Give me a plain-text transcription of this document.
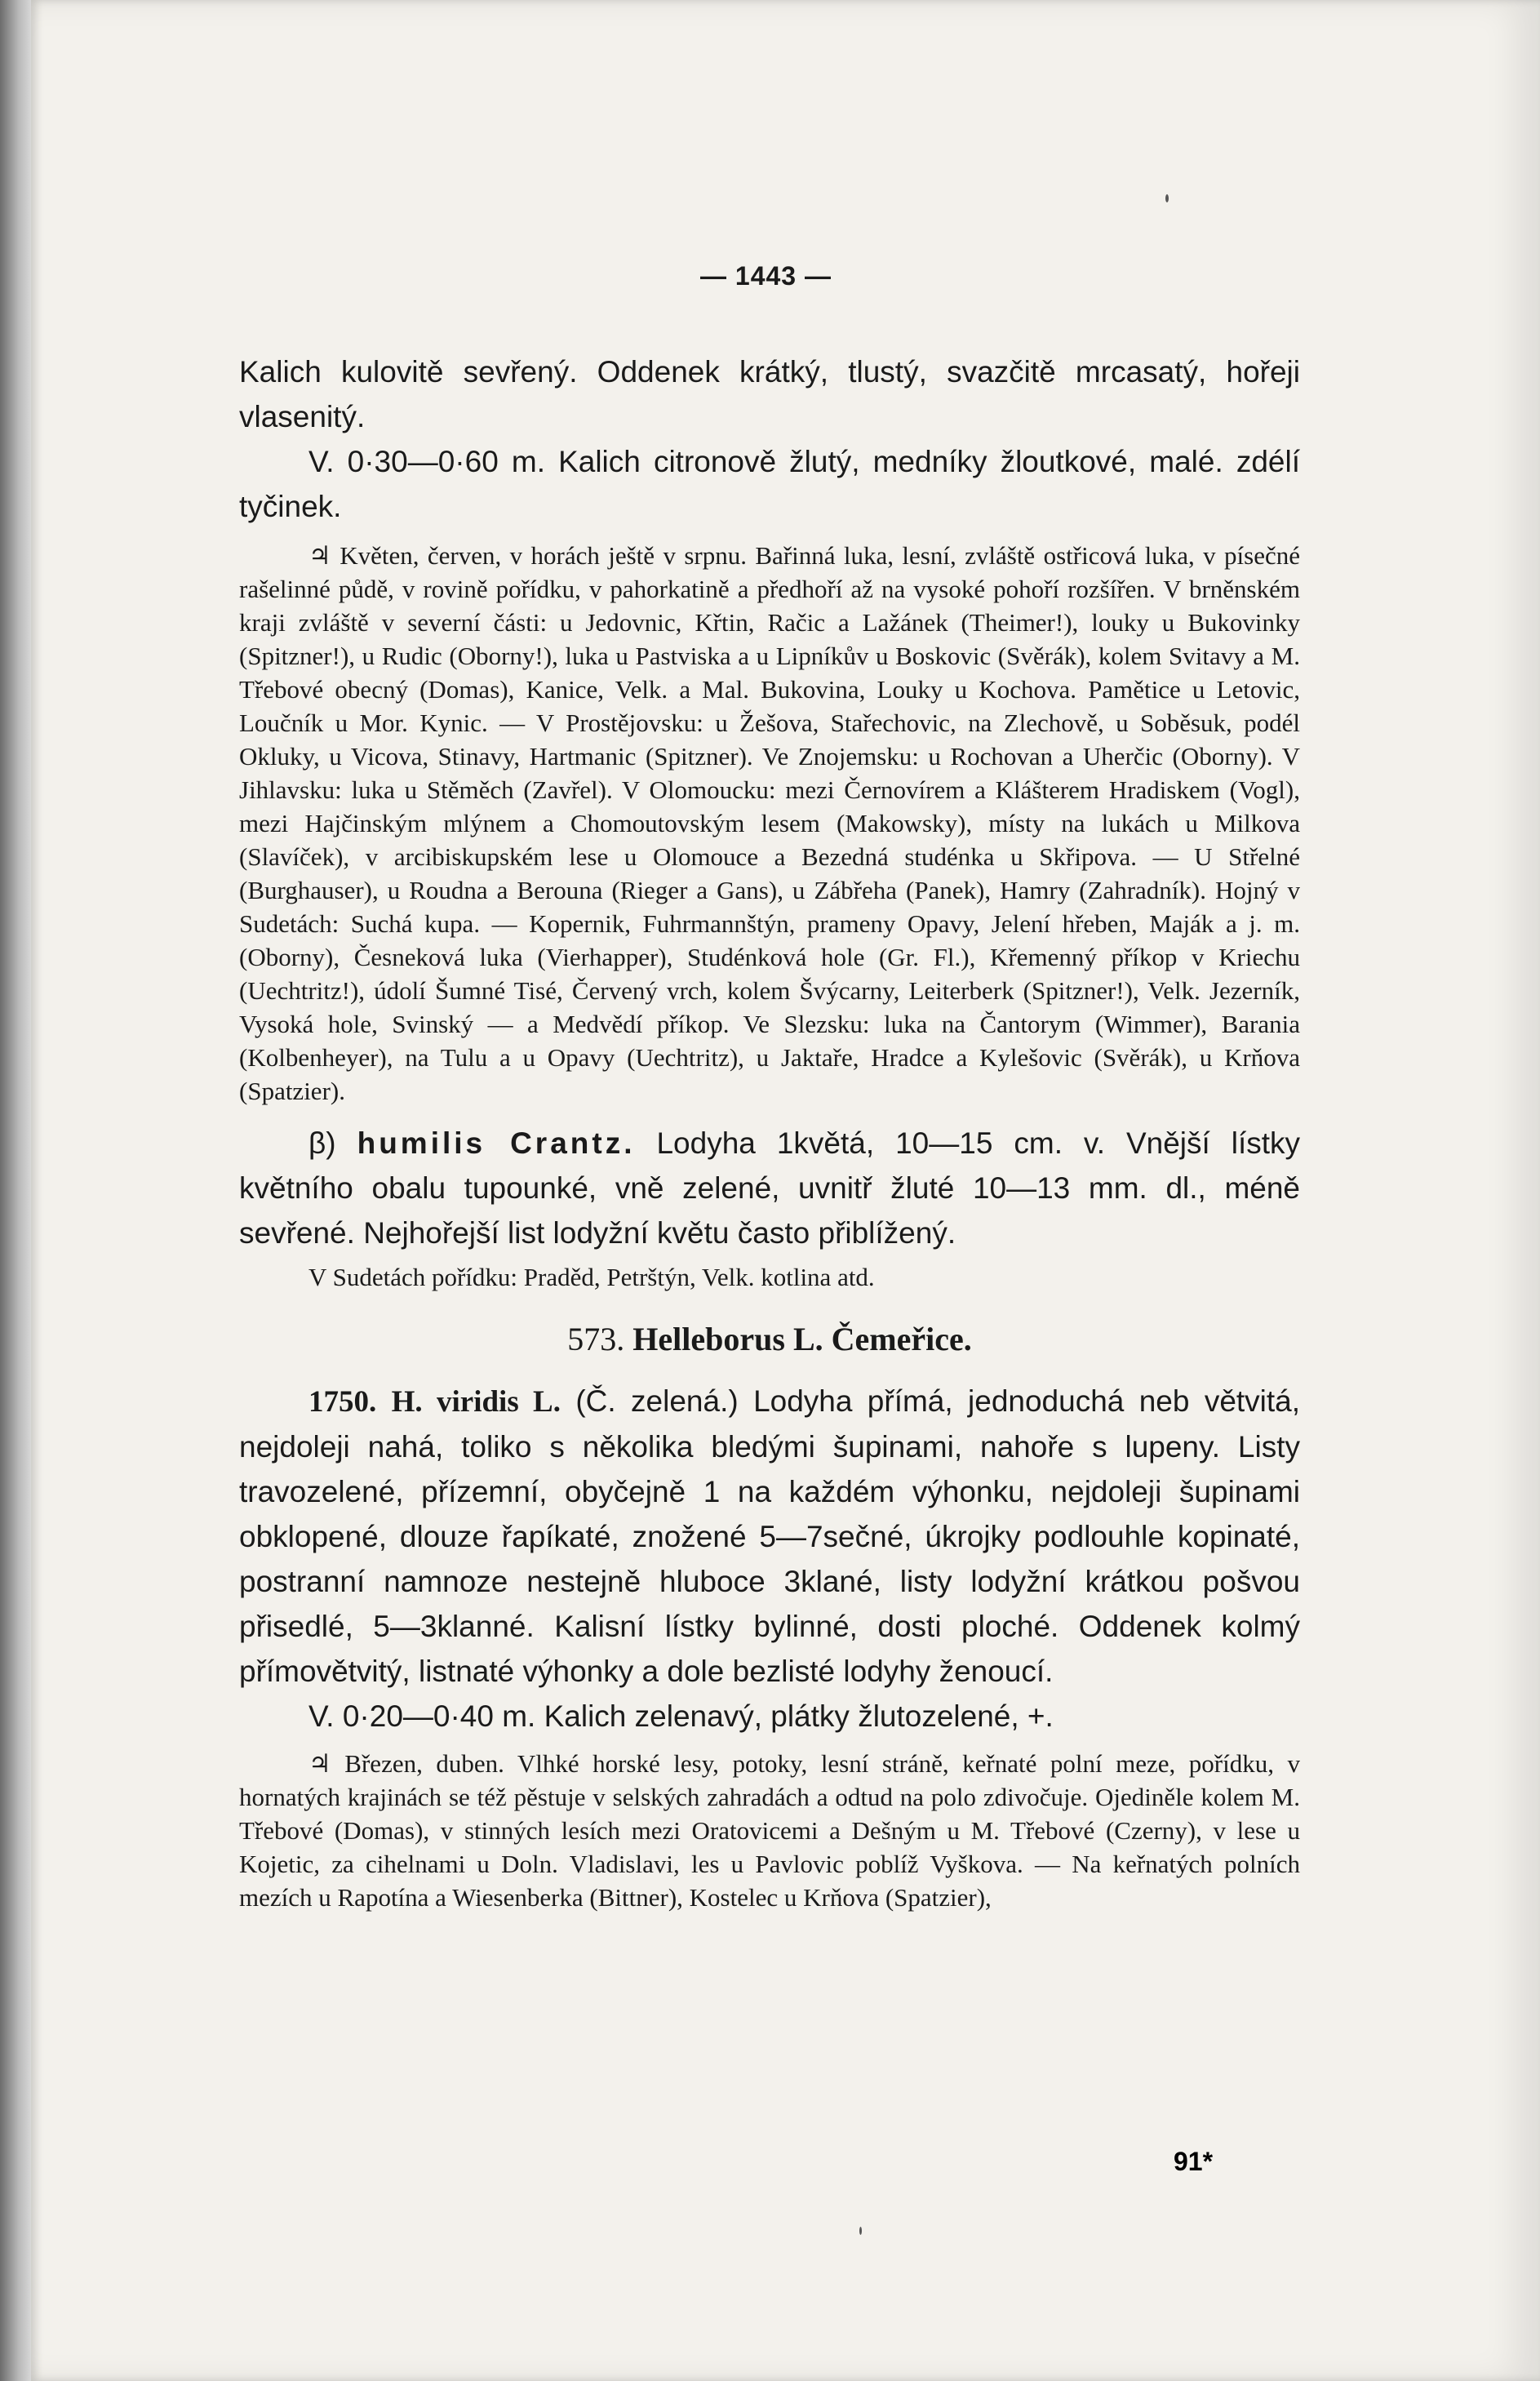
— 1443 —

Kalich kulovitě sevřený. Oddenek krátký, tlustý, svazčitě mrcasatý, hořeji vlasenitý.

V. 0·30—0·60 m. Kalich citronově žlutý, medníky žloutkové, malé. zdélí tyčinek.

♃ Květen, červen, v horách ještě v srpnu. Bařinná luka, lesní, zvláště ostřicová luka, v písečné rašelinné půdě, v rovině pořídku, v pahorkatině a předhoří až na vysoké pohoří rozšířen. V brněnském kraji zvláště v severní části: u Jedovnic, Křtin, Račic a Lažánek (Theimer!), louky u Bukovinky (Spitzner!), u Rudic (Oborny!), luka u Pastviska a u Lipníkův u Boskovic (Svěrák), kolem Svitavy a M. Třebové obecný (Domas), Kanice, Velk. a Mal. Bukovina, Louky u Kochova. Pamětice u Letovic, Loučník u Mor. Kynic. — V Prostějovsku: u Žešova, Stařechovic, na Zlechově, u Soběsuk, podél Okluky, u Vicova, Stinavy, Hartmanic (Spitzner). Ve Znojemsku: u Rochovan a Uherčic (Oborny). V Jihlavsku: luka u Stěměch (Zavřel). V Olomoucku: mezi Černovírem a Klášterem Hradiskem (Vogl), mezi Hajčinským mlýnem a Chomoutovským lesem (Makowsky), místy na lukách u Milkova (Slavíček), v arcibiskupském lese u Olomouce a Bezedná studénka u Skřipova. — U Střelné (Burghauser), u Roudna a Berouna (Rieger a Gans), u Zábřeha (Panek), Hamry (Zahradník). Hojný v Sudetách: Suchá kupa. — Kopernik, Fuhrmannštýn, prameny Opavy, Jelení hřeben, Maják a j. m. (Oborny), Česneková luka (Vierhapper), Studénková hole (Gr. Fl.), Křemenný příkop v Kriechu (Uechtritz!), údolí Šumné Tisé, Červený vrch, kolem Švýcarny, Leiterberk (Spitzner!), Velk. Jezerník, Vysoká hole, Svinský — a Medvědí příkop. Ve Slezsku: luka na Čantorym (Wimmer), Barania (Kolbenheyer), na Tulu a u Opavy (Uechtritz), u Jaktaře, Hradce a Kylešovic (Svěrák), u Krňova (Spatzier).

β) humilis Crantz. Lodyha 1květá, 10—15 cm. v. Vnější lístky květního obalu tupounké, vně zelené, uvnitř žluté 10—13 mm. dl., méně sevřené. Nejhořejší list lodyžní květu často přiblížený.

V Sudetách pořídku: Praděd, Petrštýn, Velk. kotlina atd.

573. Helleborus L. Čemeřice.

1750. H. viridis L. (Č. zelená.) Lodyha přímá, jednoduchá neb větvitá, nejdoleji nahá, toliko s několika bledými šupinami, nahoře s lupeny. Listy travozelené, přízemní, obyčejně 1 na každém výhonku, nejdoleji šupinami obklopené, dlouze řapíkaté, znožené 5—7sečné, úkrojky podlouhle kopinaté, postranní namnoze nestejně hluboce 3klané, listy lodyžní krátkou pošvou přisedlé, 5—3klanné. Kalisní lístky bylinné, dosti ploché. Oddenek kolmý přímovětvitý, listnaté výhonky a dole bezlisté lodyhy ženoucí.

V. 0·20—0·40 m. Kalich zelenavý, plátky žlutozelené, +.

♃ Březen, duben. Vlhké horské lesy, potoky, lesní stráně, keřnaté polní meze, pořídku, v hornatých krajinách se též pěstuje v selských zahradách a odtud na polo zdivočuje. Ojediněle kolem M. Třebové (Domas), v stinných lesích mezi Oratovicemi a Dešným u M. Třebové (Czerny), v lese u Kojetic, za cihelnami u Doln. Vladislavi, les u Pavlovic poblíž Vyškova. — Na keřnatých polních mezích u Rapotína a Wiesenberka (Bittner), Kostelec u Krňova (Spatzier),

91*
